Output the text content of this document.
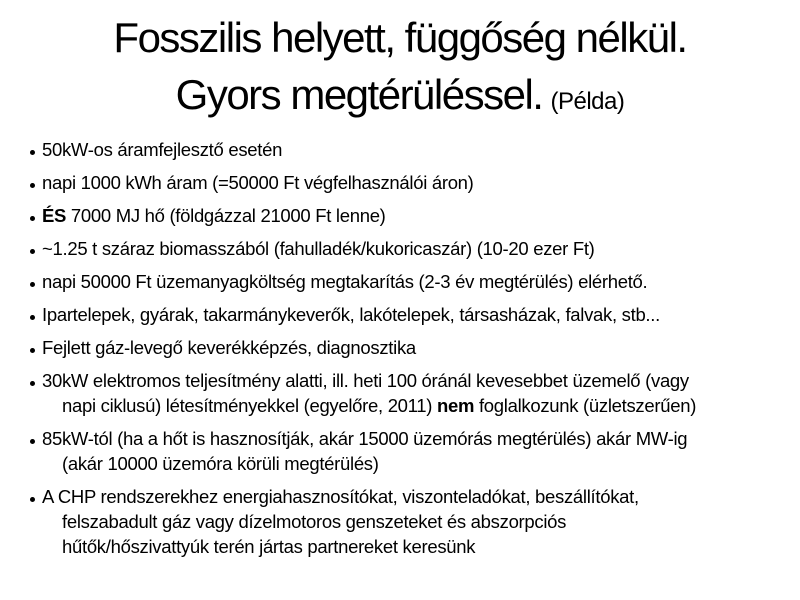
Fosszilis helyett, függőség nélkül.
Gyors megtérüléssel. (Példa)
50kW-os áramfejlesztő esetén
napi 1000 kWh áram (=50000 Ft végfelhasználói áron)
ÉS 7000 MJ hő (földgázzal 21000 Ft lenne)
~1.25 t száraz biomasszából (fahulladék/kukoricaszár) (10-20 ezer Ft)
napi 50000 Ft üzemanyagköltség megtakarítás (2-3 év megtérülés) elérhető.
Ipartelepek, gyárak, takarmánykeverők, lakótelepek, társasházak, falvak, stb...
Fejlett gáz-levegő keverékképzés, diagnosztika
30kW elektromos teljesítmény alatti, ill. heti 100 óránál kevesebbet üzemelő (vagy
napi ciklusú) létesítményekkel (egyelőre, 2011) nem foglalkozunk (üzletszerűen)
85kW-tól (ha a hőt is hasznosítják, akár 15000 üzemórás megtérülés) akár MW-ig
(akár 10000 üzemóra körüli megtérülés)
A CHP rendszerekhez energiahasznosítókat, viszonteladókat, beszállítókat,
felszabadult gáz vagy dízelmotoros genszeteket és abszorpciós
hűtők/hőszivattyúk terén jártas partnereket keresünk
